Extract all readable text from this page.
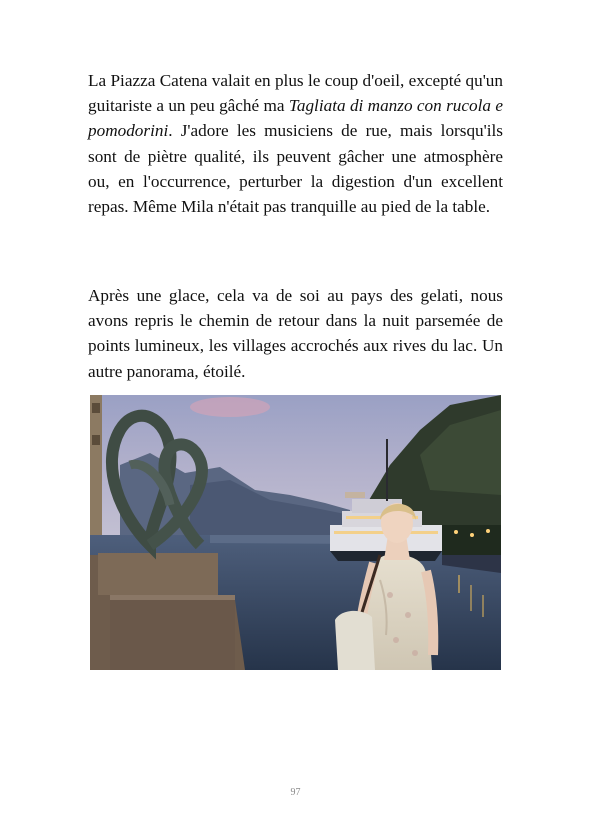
La Piazza Catena valait en plus le coup d'oeil, excepté qu'un guitariste a un peu gâché ma Tagliata di manzo con rucola e pomodorini. J'adore les musiciens de rue, mais lorsqu'ils sont de piètre qualité, ils peuvent gâcher une atmosphère ou, en l'occurrence, perturber la digestion d'un excellent repas. Même Mila n'était pas tranquille au pied de la table.

Après une glace, cela va de soi au pays des gelati, nous avons repris le chemin de retour dans la nuit parsemée de points lumineux, les villages accrochés aux rives du lac. Un autre panorama, étoilé.

97
